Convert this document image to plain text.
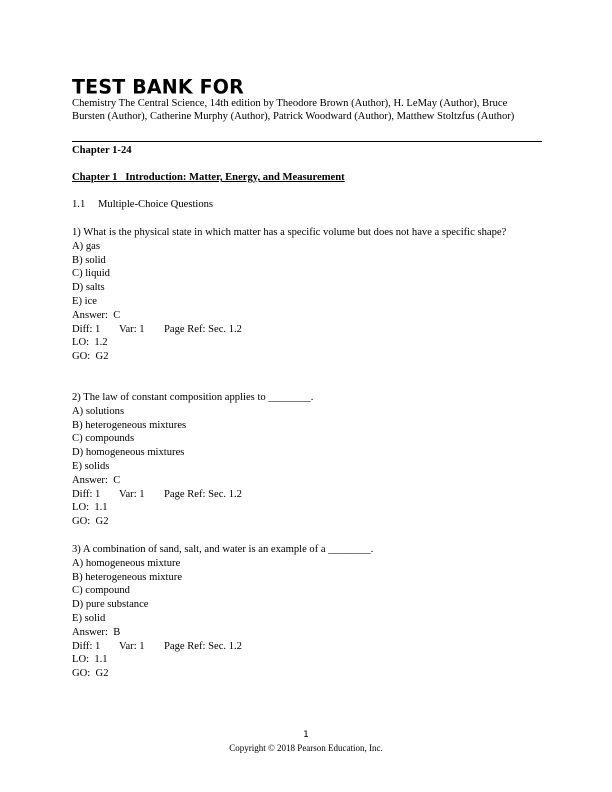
TEST BANK FOR
Chemistry The Central Science, 14th edition by Theodore Brown (Author), H. LeMay (Author), Bruce Bursten (Author), Catherine Murphy (Author), Patrick Woodward (Author), Matthew Stoltzfus (Author)
Chapter 1-24
Chapter 1   Introduction: Matter, Energy, and Measurement
1.1 Multiple-Choice Questions
1) What is the physical state in which matter has a specific volume but does not have a specific shape?
A) gas
B) solid
C) liquid
D) salts
E) ice
Answer:  C
Diff: 1 Var: 1 Page Ref: Sec. 1.2
LO:  1.2
GO:  G2
2) The law of constant composition applies to ________.
A) solutions
B) heterogeneous mixtures
C) compounds
D) homogeneous mixtures
E) solids
Answer:  C
Diff: 1 Var: 1 Page Ref: Sec. 1.2
LO:  1.1
GO:  G2
3) A combination of sand, salt, and water is an example of a ________.
A) homogeneous mixture
B) heterogeneous mixture
C) compound
D) pure substance
E) solid
Answer:  B
Diff: 1 Var: 1 Page Ref: Sec. 1.2
LO:  1.1
GO:  G2
1
Copyright © 2018 Pearson Education, Inc.
